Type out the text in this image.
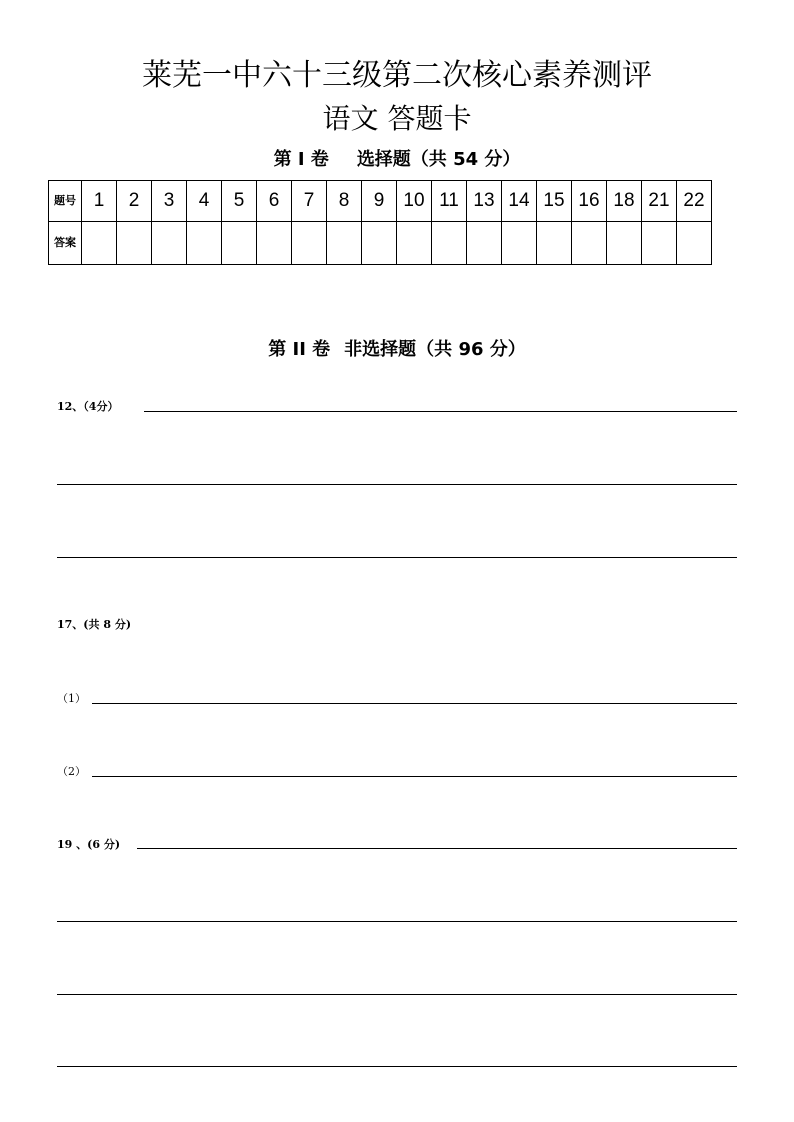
莱芜一中六十三级第二次核心素养测评
语文 答题卡
第 I 卷 选择题（共 54 分）
题号	1	2	3	4	5	6	7	8	9	10	11	13	14	15	16	18	21	22
答案																		
第 II 卷 非选择题（共 96 分）
12、（4分）
17、(共 8 分)
（1）
（2）
19 、(6 分)
